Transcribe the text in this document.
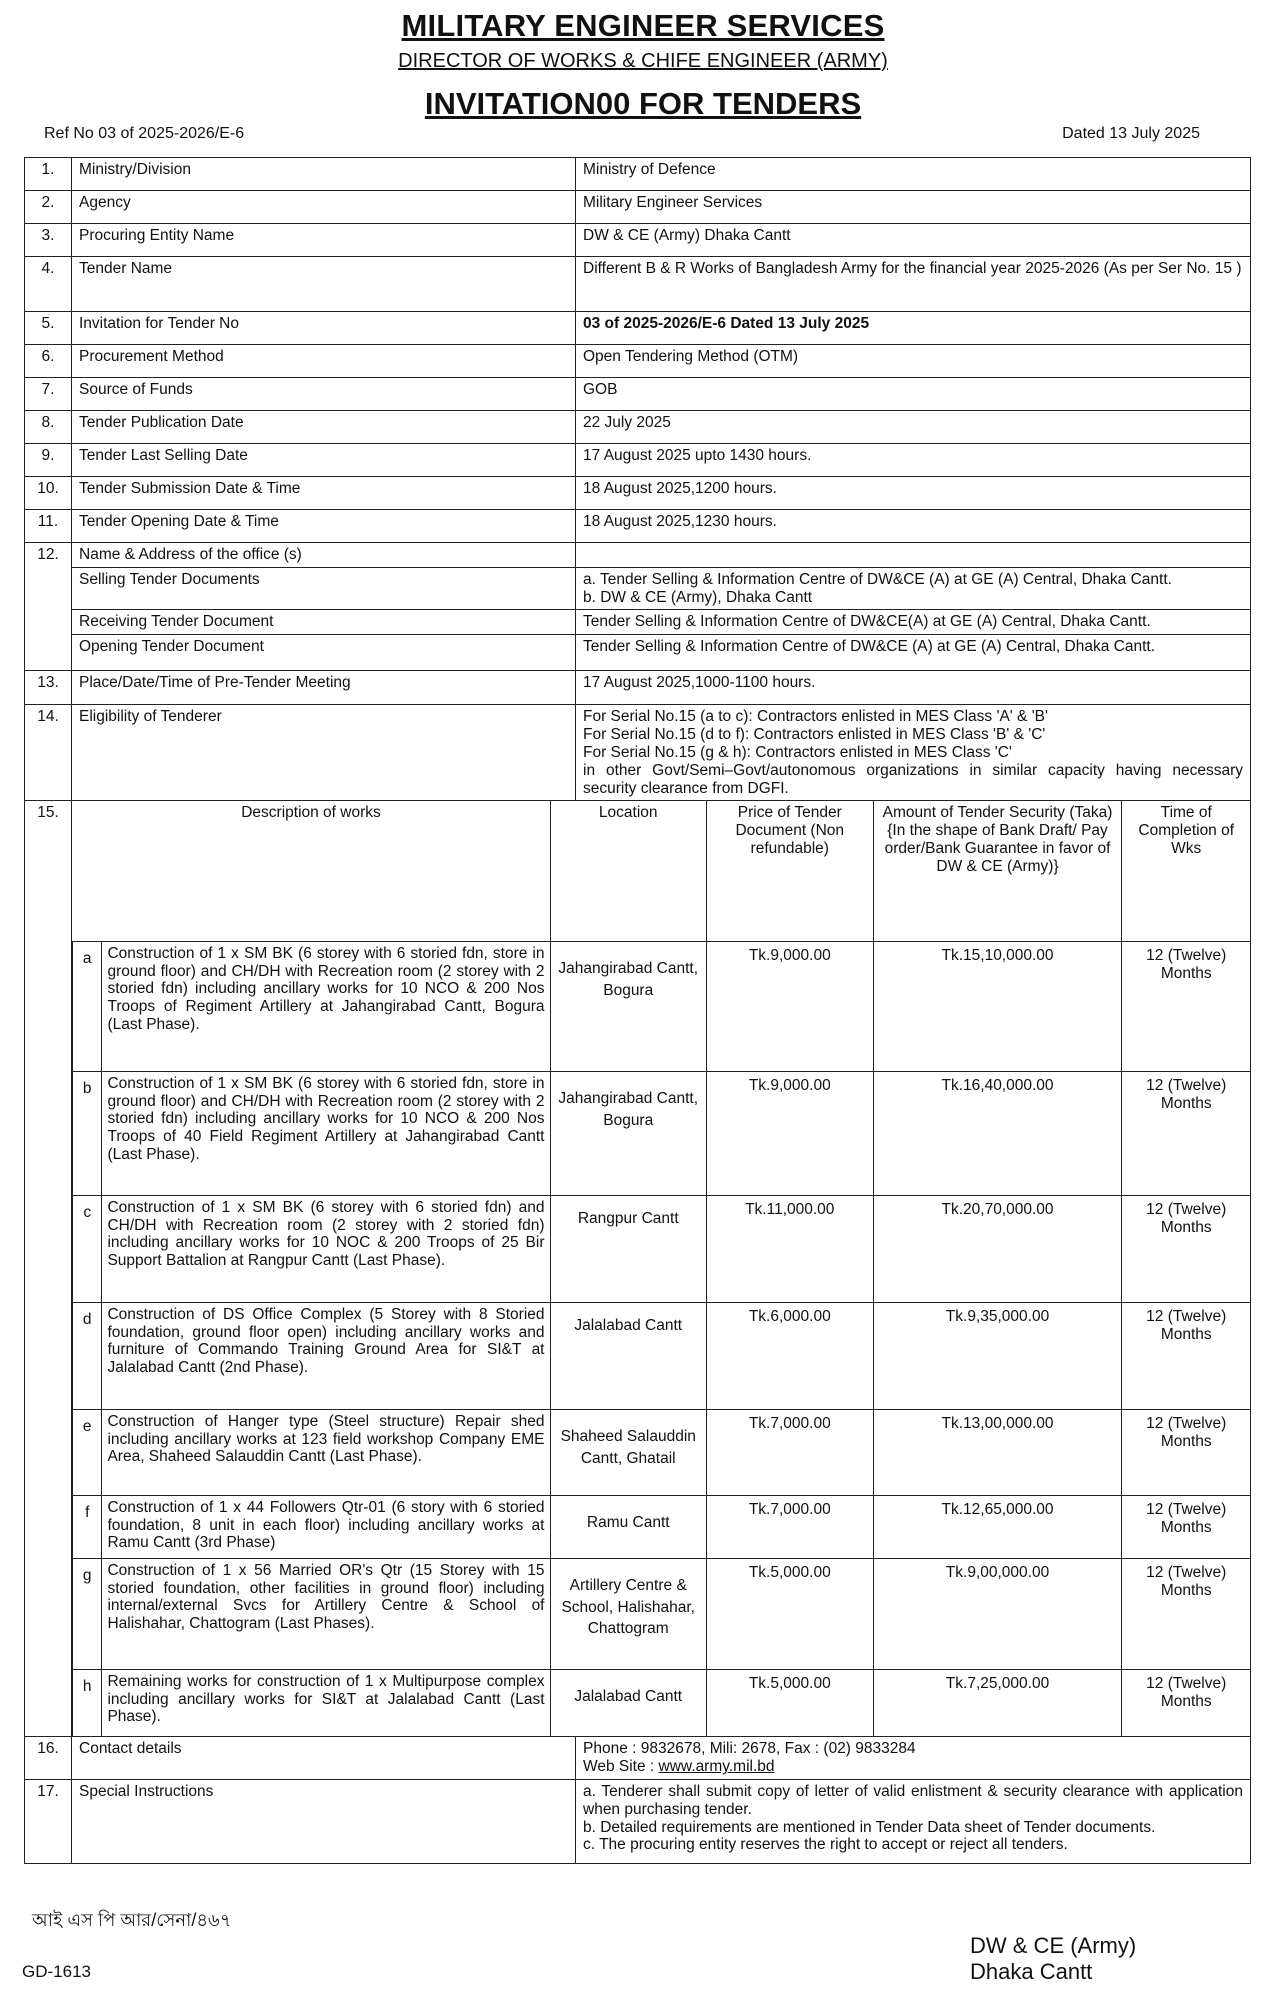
MILITARY ENGINEER SERVICES
DIRECTOR OF WORKS & CHIFE ENGINEER (ARMY)
INVITATION00 FOR TENDERS
Ref No 03 of 2025-2026/E-6	Dated 13 July 2025
1.	Ministry/Division	Ministry of Defence
2.	Agency	Military Engineer Services
3.	Procuring Entity Name	DW & CE (Army) Dhaka Cantt
4.	Tender Name	Different B & R Works of Bangladesh Army for the financial year 2025-2026 (As per Ser No. 15 )
5.	Invitation for Tender No	03 of 2025-2026/E-6 Dated 13 July 2025
6.	Procurement Method	Open Tendering Method (OTM)
7.	Source of Funds	GOB
8.	Tender Publication Date	22 July 2025
9.	Tender Last Selling Date	17 August 2025 upto 1430 hours.
10.	Tender Submission Date & Time	18 August 2025,1200 hours.
11.	Tender Opening Date & Time	18 August 2025,1230 hours.
12.	Name & Address of the office (s)	
	Selling Tender Documents	a. Tender Selling & Information Centre of DW&CE (A) at GE (A) Central, Dhaka Cantt.
b. DW & CE (Army), Dhaka Cantt

	Receiving Tender Document	Tender Selling & Information Centre of DW&CE(A) at GE (A) Central, Dhaka Cantt.
	Opening Tender Document	Tender Selling & Information Centre of DW&CE (A) at GE (A) Central, Dhaka Cantt.
13.	Place/Date/Time of Pre-Tender Meeting	17 August 2025,1000-1100 hours.
14.	Eligibility of Tenderer	For Serial No.15 (a to c): Contractors enlisted in MES Class 'A' & 'B'
For Serial No.15 (d to f): Contractors enlisted in MES Class 'B' & 'C'
For Serial No.15 (g & h): Contractors enlisted in MES Class 'C'
in other Govt/Semi–Govt/autonomous organizations in similar capacity having necessary security clearance from DGFI.

15.		Description of works	Location	Price of Tender Document (Non refundable)	Amount of Tender Security (Taka) {In the shape of Bank Draft/ Pay order/Bank Guarantee in favor of DW & CE (Army)}	Time of Completion of Wks
a	Construction of 1 x SM BK (6 storey with 6 storied fdn, store in ground floor) and CH/DH with Recreation room (2 storey with 2 storied fdn) including ancillary works for 10 NCO & 200 Nos Troops of Regiment Artillery at Jahangirabad Cantt, Bogura (Last Phase).	Jahangirabad Cantt, Bogura	Tk.9,000.00	Tk.15,10,000.00	12 (Twelve) Months
b	Construction of 1 x SM BK (6 storey with 6 storied fdn, store in ground floor) and CH/DH with Recreation room (2 storey with 2 storied fdn) including ancillary works for 10 NCO & 200 Nos Troops of 40 Field Regiment Artillery at Jahangirabad Cantt (Last Phase).	Jahangirabad Cantt, Bogura	Tk.9,000.00	Tk.16,40,000.00	12 (Twelve) Months
c	Construction of 1 x SM BK (6 storey with 6 storied fdn) and CH/DH with Recreation room (2 storey with 2 storied fdn) including ancillary works for 10 NOC & 200 Troops of 25 Bir Support Battalion at Rangpur Cantt (Last Phase).	Rangpur Cantt	Tk.11,000.00	Tk.20,70,000.00	12 (Twelve) Months
d	Construction of DS Office Complex (5 Storey with 8 Storied foundation, ground floor open) including ancillary works and furniture of Commando Training Ground Area for SI&T at Jalalabad Cantt (2nd Phase).	Jalalabad Cantt	Tk.6,000.00	Tk.9,35,000.00	12 (Twelve) Months
e	Construction of Hanger type (Steel structure) Repair shed including ancillary works at 123 field workshop Company EME Area, Shaheed Salauddin Cantt (Last Phase).	Shaheed Salauddin Cantt, Ghatail	Tk.7,000.00	Tk.13,00,000.00	12 (Twelve) Months
f	Construction of 1 x 44 Followers Qtr-01 (6 story with 6 storied foundation, 8 unit in each floor) including ancillary works at Ramu Cantt (3rd Phase)	Ramu Cantt	Tk.7,000.00	Tk.12,65,000.00	12 (Twelve) Months
g	Construction of 1 x 56 Married OR's Qtr (15 Storey with 15 storied foundation, other facilities in ground floor) including internal/external Svcs for Artillery Centre & School of Halishahar, Chattogram (Last Phases).	Artillery Centre & School, Halishahar, Chattogram	Tk.5,000.00	Tk.9,00,000.00	12 (Twelve) Months
h	Remaining works for construction of 1 x Multipurpose complex including ancillary works for SI&T at Jalalabad Cantt (Last Phase).	Jalalabad Cantt	Tk.5,000.00	Tk.7,25,000.00	12 (Twelve) Months

16.	Contact details	Phone : 9832678, Mili: 2678, Fax : (02) 9833284
Web Site : www.army.mil.bd

17.	Special Instructions	a. Tenderer shall submit copy of letter of valid enlistment & security clearance with application when purchasing tender.
b. Detailed requirements are mentioned in Tender Data sheet of Tender documents.
c. The procuring entity reserves the right to accept or reject all tenders.
আই এস পি আর/সেনা/৪৬৭
GD-1613
DW & CE (Army)
Dhaka Cantt
